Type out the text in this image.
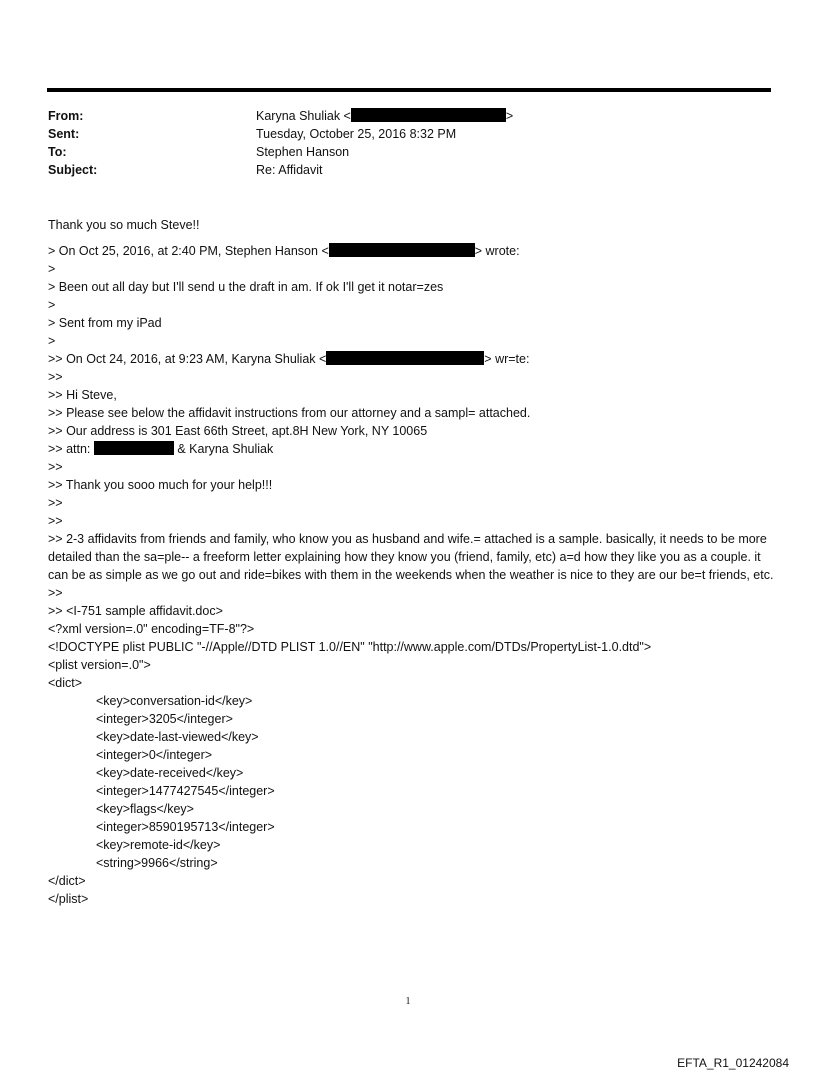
From:	Karyna Shuliak <	>
Sent:	Tuesday, October 25, 2016 8:32 PM
To:	Stephen Hanson
Subject:	Re: Affidavit
Thank you so much Steve!!
> On Oct 25, 2016, at 2:40 PM, Stephen Hanson <	> wrote:
>
> Been out all day but I'll send u the draft in am. If ok I'll get it notar=zes
>
> Sent from my iPad
>
>> On Oct 24, 2016, at 9:23 AM, Karyna Shuliak <	> wr=te:
>>
>> Hi Steve,
>> Please see below the affidavit instructions from our attorney and a sampl= attached.
>> Our address is 301 East 66th Street, apt.8H New York, NY 10065
>> attn:	& Karyna Shuliak
>>
>> Thank you sooo much for your help!!!
>>
>>
>> 2-3 affidavits from friends and family, who know you as husband and wife.= attached is a sample. basically, it needs to be more detailed than the sa=ple-- a freeform letter explaining how they know you (friend, family, etc) a=d how they like you as a couple. it can be as simple as we go out and ride=bikes with them in the weekends when the weather is nice to they are our be=t friends, etc.
>>
>> <I-751 sample affidavit.doc>
<?xml version=.0" encoding=TF-8"?>
<!DOCTYPE plist PUBLIC "-//Apple//DTD PLIST 1.0//EN" "http://www.apple.com/DTDs/PropertyList-1.0.dtd">
<plist version=.0">
<dict>
<key>conversation-id</key>
<integer>3205</integer>
<key>date-last-viewed</key>
<integer>0</integer>
<key>date-received</key>
<integer>1477427545</integer>
<key>flags</key>
<integer>8590195713</integer>
<key>remote-id</key>
<string>9966</string>
</dict>
</plist>
1
EFTA_R1_01242084
